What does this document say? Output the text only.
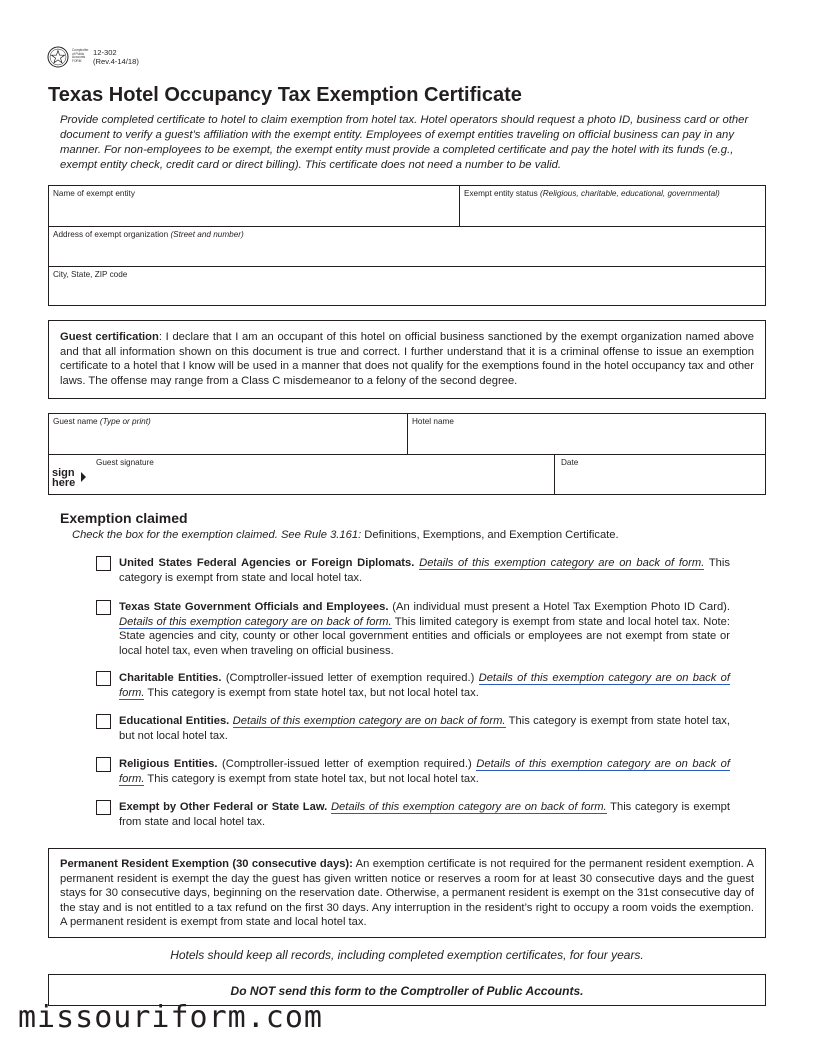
Comptroller of Public Accounts FORM
12-302
(Rev.4-14/18)
Texas Hotel Occupancy Tax Exemption Certificate

Provide completed certificate to hotel to claim exemption from hotel tax. Hotel operators should request a photo ID, business card or other document to verify a guest’s affiliation with the exempt entity. Employees of exempt entities traveling on official business can pay in any manner. For non-employees to be exempt, the exempt entity must provide a completed certificate and pay the hotel with its funds (e.g., exempt entity check, credit card or direct billing). This certificate does not need a number to be valid.

Name of exempt entity	Exempt entity status (Religious, charitable, educational, governmental)
Address of exempt organization (Street and number)
City, State, ZIP code

Guest certification: I declare that I am an occupant of this hotel on official business sanctioned by the exempt organization named above and that all information shown on this document is true and correct. I further understand that it is a criminal offense to issue an exemption certificate to a hotel that I know will be used in a manner that does not qualify for the exemptions found in the hotel occupancy tax and other laws. The offense may range from a Class C misdemeanor to a felony of the second degree.

Guest name (Type or print)	Hotel name
Guest signature	Date
sign
here
Exemption claimed

Check the box for the exemption claimed. See Rule 3.161: Definitions, Exemptions, and Exemption Certificate.

United States Federal Agencies or Foreign Diplomats. Details of this exemption category are on back of form. This category is exempt from state and local hotel tax.
Texas State Government Officials and Employees. (An individual must present a Hotel Tax Exemption Photo ID Card). Details of this exemption category are on back of form. This limited category is exempt from state and local hotel tax. Note: State agencies and city, county or other local government entities and officials or employees are not exempt from state or local hotel tax, even when traveling on official business.
Charitable Entities. (Comptroller-issued letter of exemption required.) Details of this exemption category are on back of form. This category is exempt from state hotel tax, but not local hotel tax.
Educational Entities. Details of this exemption category are on back of form. This category is exempt from state hotel tax, but not local hotel tax.
Religious Entities. (Comptroller-issued letter of exemption required.) Details of this exemption category are on back of form. This category is exempt from state hotel tax, but not local hotel tax.
Exempt by Other Federal or State Law. Details of this exemption category are on back of form. This category is exempt from state and local hotel tax.

Permanent Resident Exemption (30 consecutive days): An exemption certificate is not required for the permanent resident exemption. A permanent resident is exempt the day the guest has given written notice or reserves a room for at least 30 consecutive days and the guest stays for 30 consecutive days, beginning on the reservation date. Otherwise, a permanent resident is exempt on the 31st consecutive day of the stay and is not entitled to a tax refund on the first 30 days. Any interruption in the resident’s right to occupy a room voids the exemption. A permanent resident is exempt from state and local hotel tax.

Hotels should keep all records, including completed exemption certificates, for four years.

Do NOT send this form to the Comptroller of Public Accounts.
missouriform.com
